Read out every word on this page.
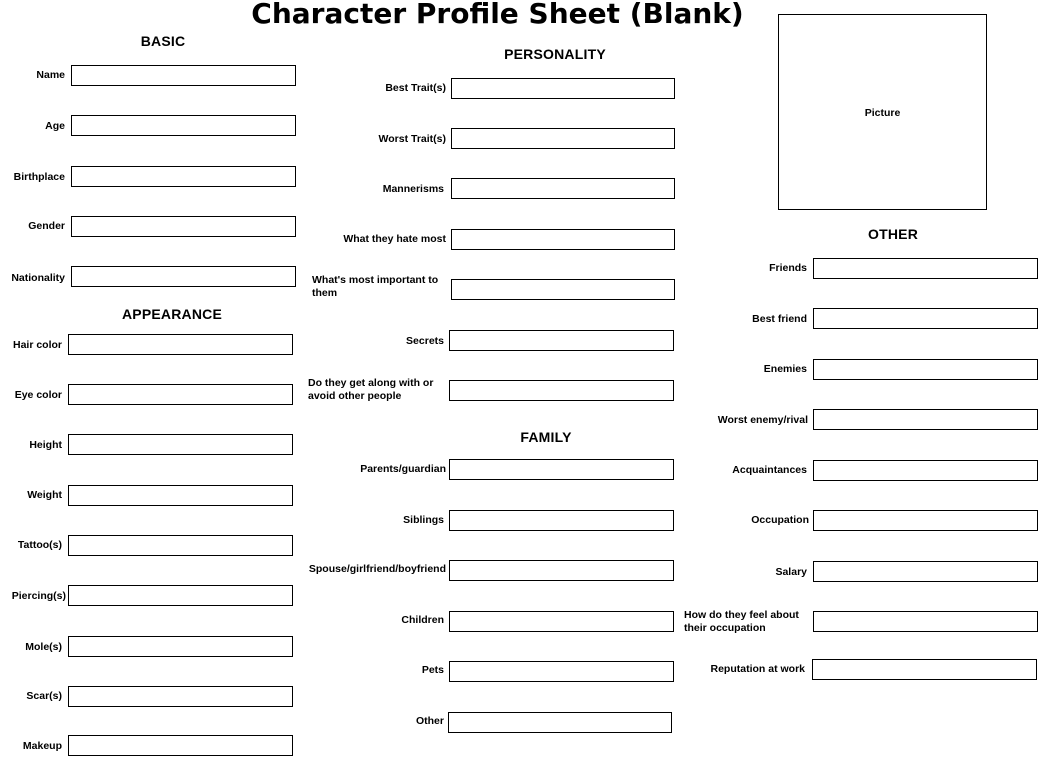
Character Profile Sheet (Blank)
Picture
BASIC
Name
Age
Birthplace
Gender
Nationality
APPEARANCE
Hair color
Eye color
Height
Weight
Tattoo(s)
Piercing(s)
Mole(s)
Scar(s)
Makeup
PERSONALITY
Best Trait(s)
Worst Trait(s)
Mannerisms
What they hate most
What's most important to them
Secrets
Do they get along with or avoid other people
FAMILY
Parents/guardian
Siblings
Spouse/girlfriend/boyfriend
Children
Pets
Other
OTHER
Friends
Best friend
Enemies
Worst enemy/rival
Acquaintances
Occupation
Salary
How do they feel about their occupation
Reputation at work
